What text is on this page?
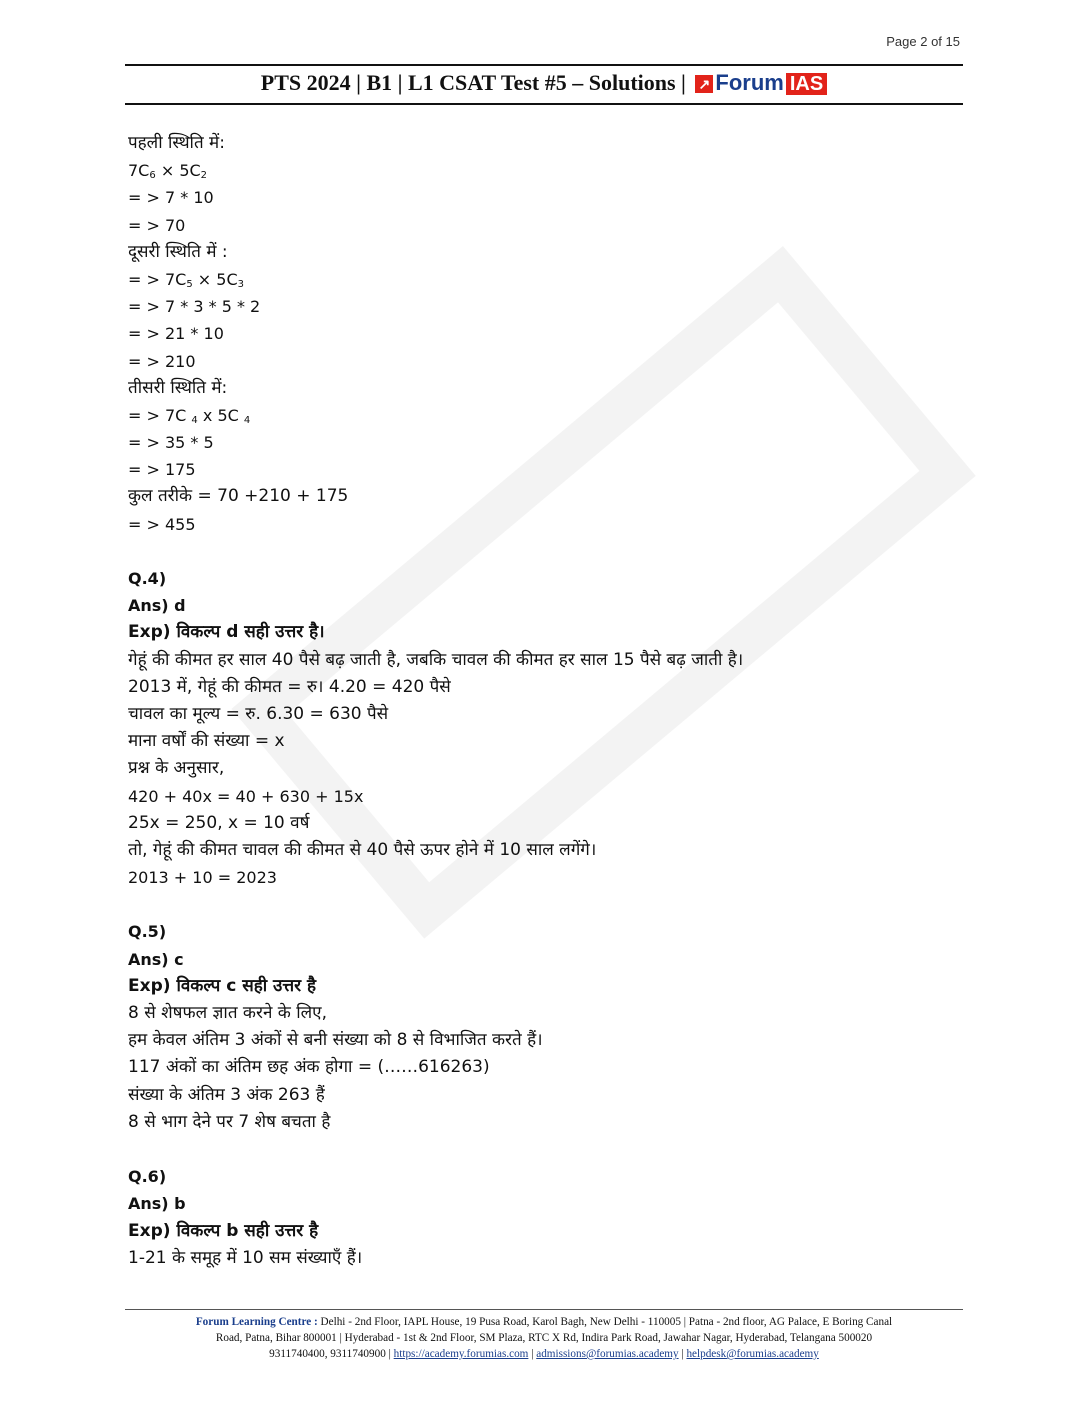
Page 2 of 15
PTS 2024 | B1 | L1 CSAT Test #5 – Solutions | ↗ Forum IAS
पहली स्थिति में:
$7C_6 \times 5C_2$
= > 7 * 10
= > 70
दूसरी स्थिति में :
= > $7C_5 \times 5C_3$
= > 7 * 3 * 5 * 2
= > 21 * 10
= > 210
तीसरी स्थिति में:
= > 7C $_4$ x 5C $_4$
= > 35 * 5
= > 175
कुल तरीके = 70 +210 + 175
= > 455
Q.4)
Ans) d
Exp) विकल्प d सही उत्तर है।
गेहूं की कीमत हर साल 40 पैसे बढ़ जाती है, जबकि चावल की कीमत हर साल 15 पैसे बढ़ जाती है।
2013 में, गेहूं की कीमत = रु। 4.20 = 420 पैसे
चावल का मूल्य = रु. 6.30 = 630 पैसे
माना वर्षों की संख्या = x
प्रश्न के अनुसार,
420 + 40x = 40 + 630 + 15x
25x = 250, x = 10 वर्ष
तो, गेहूं की कीमत चावल की कीमत से 40 पैसे ऊपर होने में 10 साल लगेंगे।
2013 + 10 = 2023
Q.5)
Ans) c
Exp) विकल्प c सही उत्तर है
8 से शेषफल ज्ञात करने के लिए,
हम केवल अंतिम 3 अंकों से बनी संख्या को 8 से विभाजित करते हैं।
117 अंकों का अंतिम छह अंक होगा = (……616263)
संख्या के अंतिम 3 अंक 263 हैं
8 से भाग देने पर 7 शेष बचता है
Q.6)
Ans) b
Exp) विकल्प b सही उत्तर है
1-21 के समूह में 10 सम संख्याएँ हैं।
Forum Learning Centre : Delhi - 2nd Floor, IAPL House, 19 Pusa Road, Karol Bagh, New Delhi - 110005 | Patna - 2nd floor, AG Palace, E Boring Canal
Road, Patna, Bihar 800001 | Hyderabad - 1st & 2nd Floor, SM Plaza, RTC X Rd, Indira Park Road, Jawahar Nagar, Hyderabad, Telangana 500020
9311740400, 9311740900 | https://academy.forumias.com | admissions@forumias.academy | helpdesk@forumias.academy
